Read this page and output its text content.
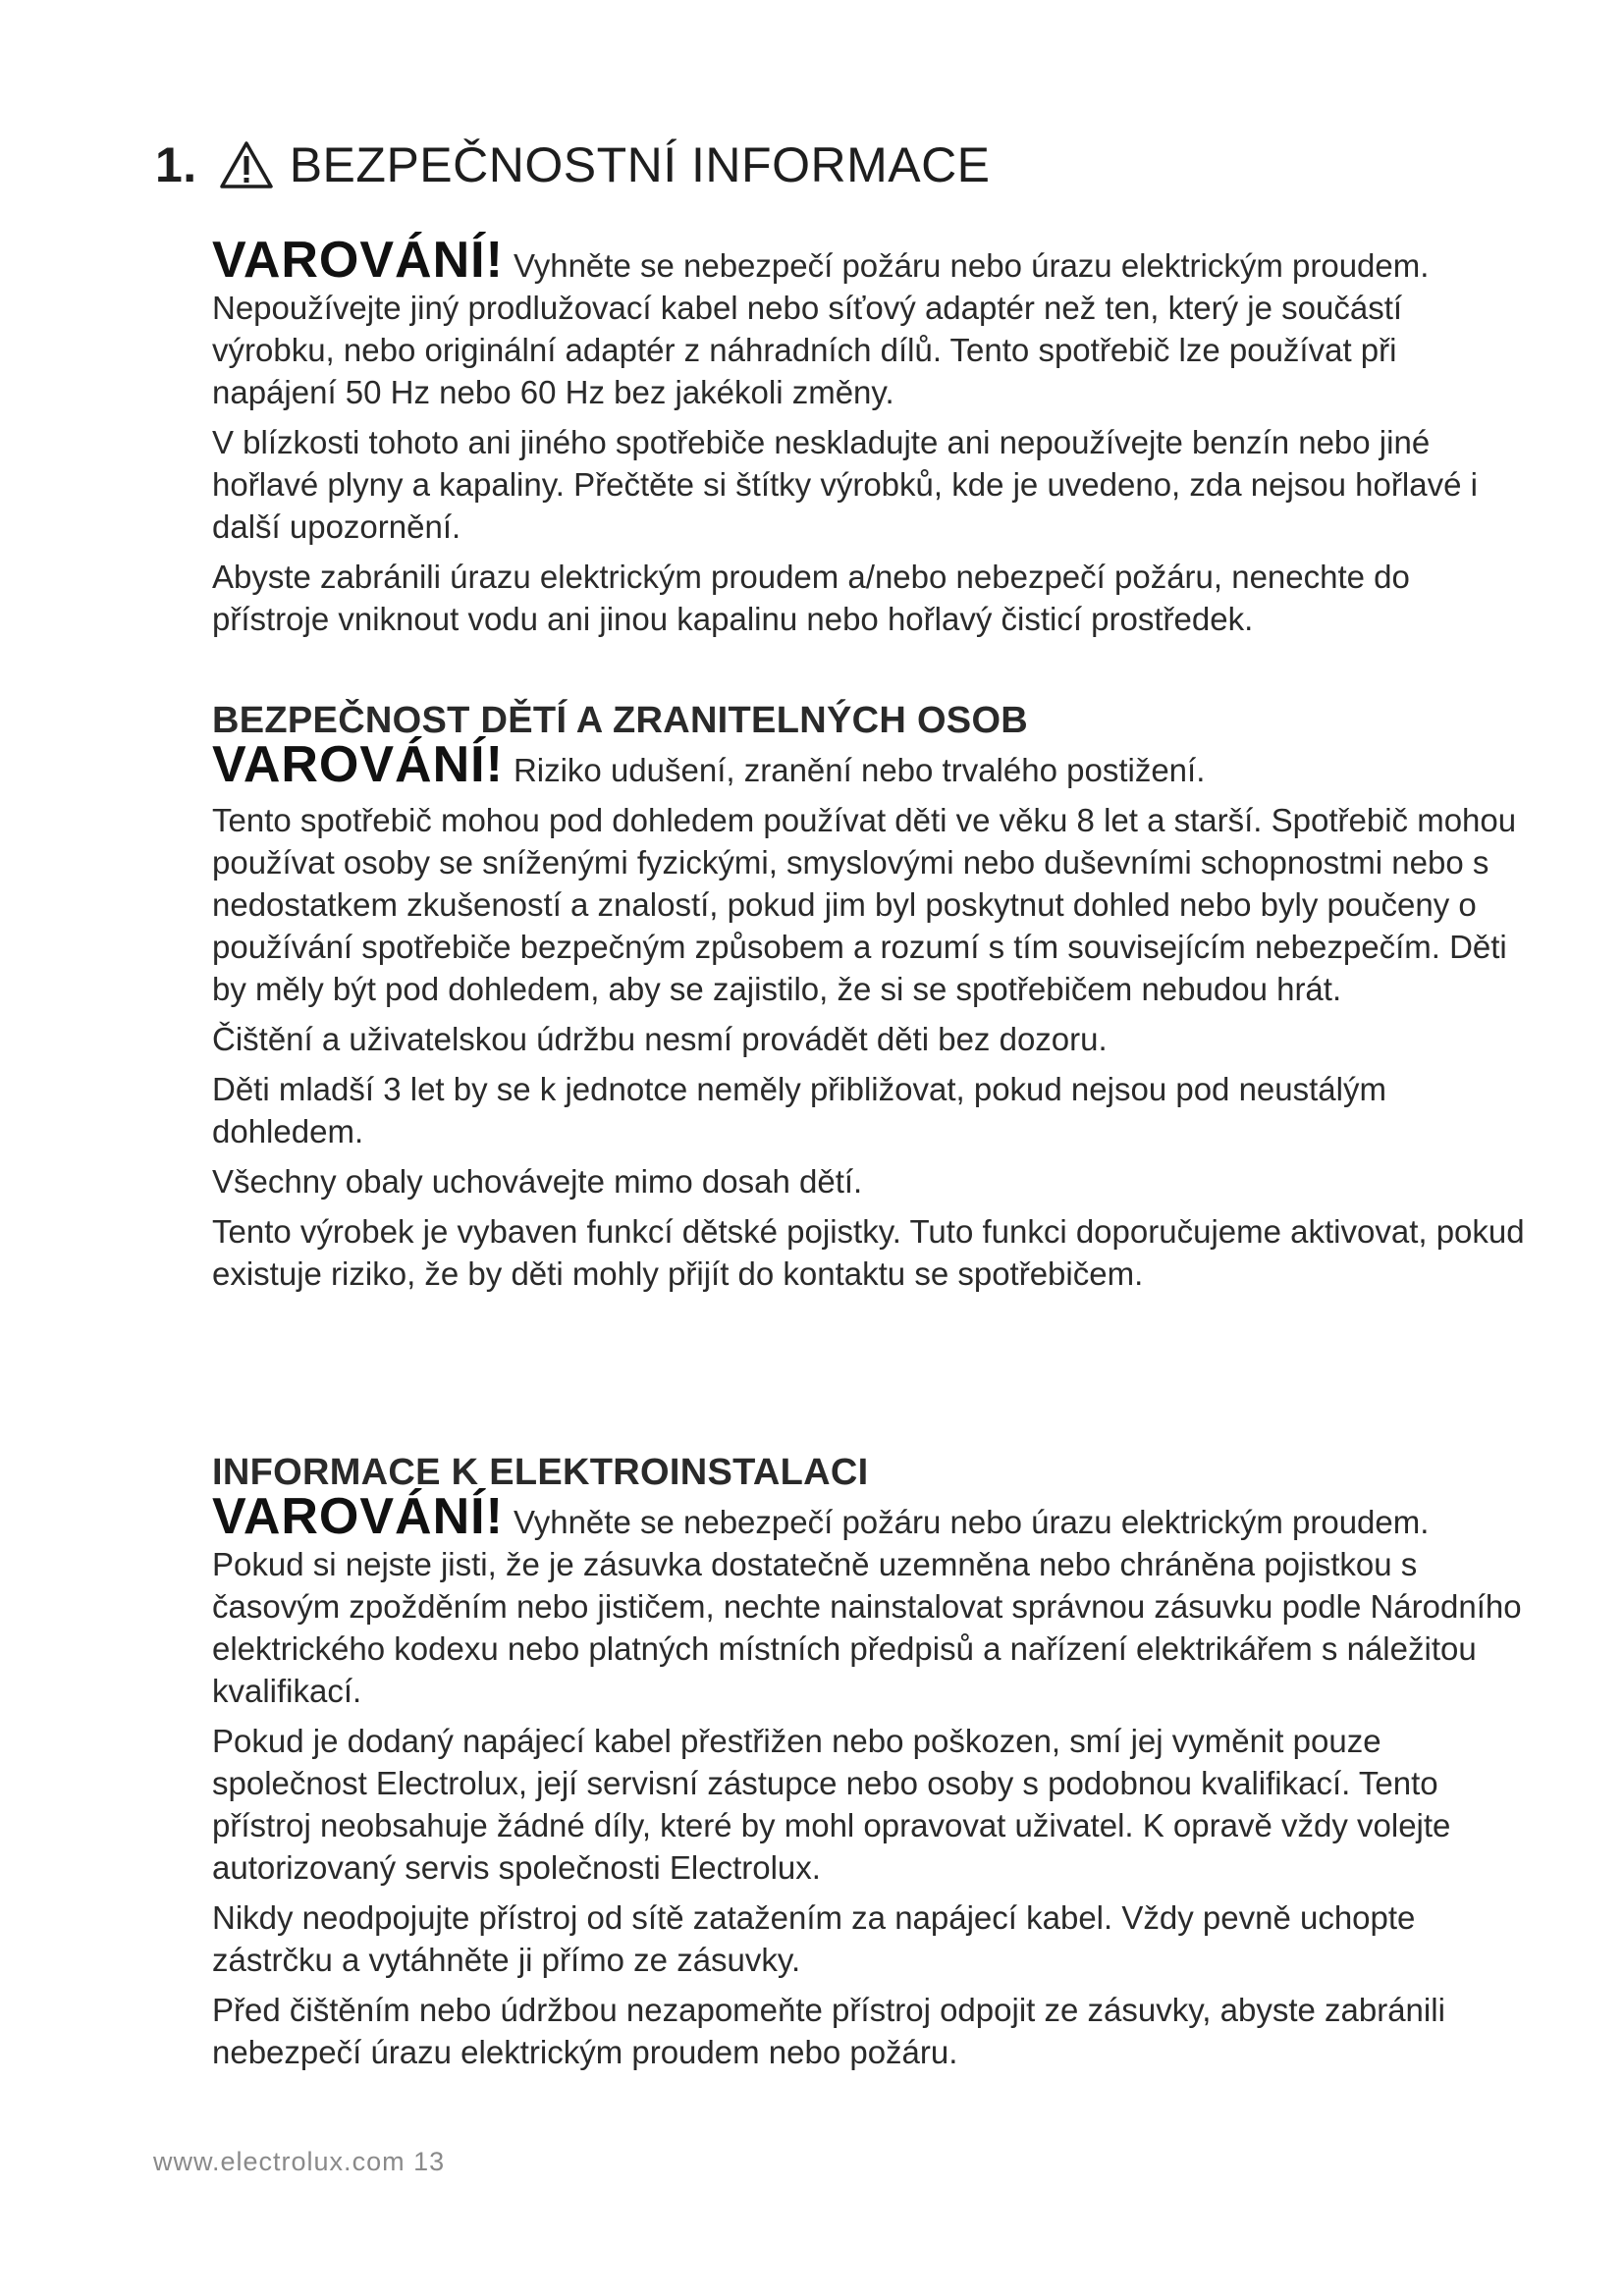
1. BEZPEČNOSTNÍ INFORMACE

VAROVÁNÍ! Vyhněte se nebezpečí požáru nebo úrazu elektrickým proudem. Nepoužívejte jiný prodlužovací kabel nebo síťový adaptér než ten, který je součástí výrobku, nebo originální adaptér z náhradních dílů. Tento spotřebič lze používat při napájení 50 Hz nebo 60 Hz bez jakékoli změny.

V blízkosti tohoto ani jiného spotřebiče neskladujte ani nepoužívejte benzín nebo jiné hořlavé plyny a kapaliny. Přečtěte si štítky výrobků, kde je uvedeno, zda nejsou hořlavé i další upozornění.

Abyste zabránili úrazu elektrickým proudem a/nebo nebezpečí požáru, nenechte do přístroje vniknout vodu ani jinou kapalinu nebo hořlavý čisticí prostředek.

BEZPEČNOST DĚTÍ A ZRANITELNÝCH OSOB

VAROVÁNÍ! Riziko udušení, zranění nebo trvalého postižení.

Tento spotřebič mohou pod dohledem používat děti ve věku 8 let a starší. Spotřebič mohou používat osoby se sníženými fyzickými, smyslovými nebo duševními schopnostmi nebo s nedostatkem zkušeností a znalostí, pokud jim byl poskytnut dohled nebo byly poučeny o používání spotřebiče bezpečným způsobem a rozumí s tím souvisejícím nebezpečím. Děti by měly být pod dohledem, aby se zajistilo, že si se spotřebičem nebudou hrát.

Čištění a uživatelskou údržbu nesmí provádět děti bez dozoru.

Děti mladší 3 let by se k jednotce neměly přibližovat, pokud nejsou pod neustálým dohledem.

Všechny obaly uchovávejte mimo dosah dětí.

Tento výrobek je vybaven funkcí dětské pojistky. Tuto funkci doporučujeme aktivovat, pokud existuje riziko, že by děti mohly přijít do kontaktu se spotřebičem.

INFORMACE K ELEKTROINSTALACI

VAROVÁNÍ! Vyhněte se nebezpečí požáru nebo úrazu elektrickým proudem. Pokud si nejste jisti, že je zásuvka dostatečně uzemněna nebo chráněna pojistkou s časovým zpožděním nebo jističem, nechte nainstalovat správnou zásuvku podle Národního elektrického kodexu nebo platných místních předpisů a nařízení elektrikářem s náležitou kvalifikací.

Pokud je dodaný napájecí kabel přestřižen nebo poškozen, smí jej vyměnit pouze společnost Electrolux, její servisní zástupce nebo osoby s podobnou kvalifikací. Tento přístroj neobsahuje žádné díly, které by mohl opravovat uživatel. K opravě vždy volejte autorizovaný servis společnosti Electrolux.

Nikdy neodpojujte přístroj od sítě zatažením za napájecí kabel. Vždy pevně uchopte zástrčku a vytáhněte ji přímo ze zásuvky.

Před čištěním nebo údržbou nezapomeňte přístroj odpojit ze zásuvky, abyste zabránili nebezpečí úrazu elektrickým proudem nebo požáru.

www.electrolux.com 13
